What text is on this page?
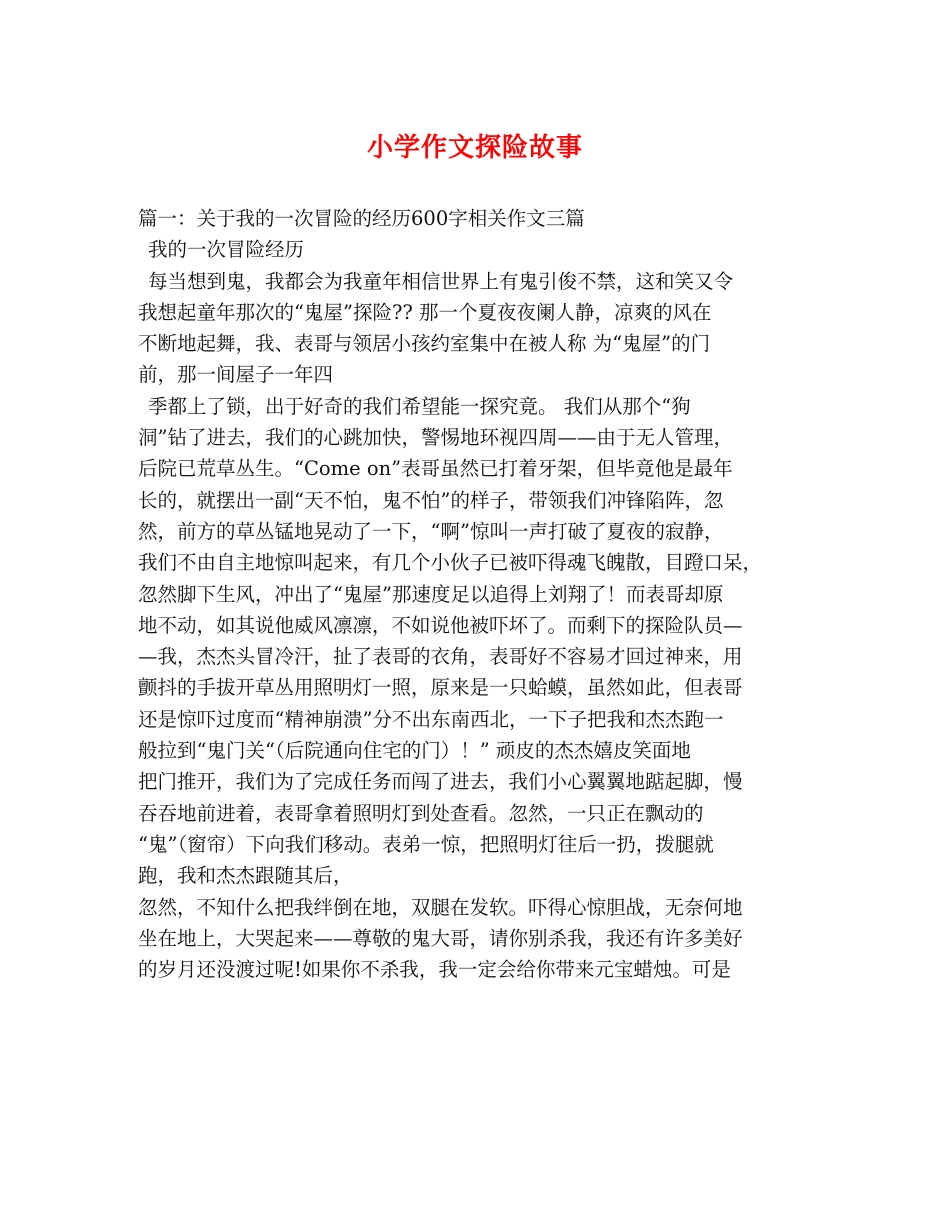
小学作文探险故事
篇一：关于我的一次冒险的经历600字相关作文三篇
我的一次冒险经历
每当想到鬼，我都会为我童年相信世界上有鬼引俊不禁，这和笑又令
我想起童年那次的“鬼屋”探险?? 那一个夏夜夜阑人静，凉爽的风在
不断地起舞，我、表哥与领居小孩约室集中在被人称 为“鬼屋”的门
前，那一间屋子一年四
季都上了锁，出于好奇的我们希望能一探究竟。 我们从那个“狗
洞”钻了进去，我们的心跳加快，警惕地环视四周——由于无人管理，
后院已荒草丛生。“Come on”表哥虽然已打着牙架，但毕竟他是最年
长的，就摆出一副“天不怕，鬼不怕”的样子，带领我们冲锋陷阵，忽
然，前方的草丛锰地晃动了一下，“啊”惊叫一声打破了夏夜的寂静，
我们不由自主地惊叫起来，有几个小伙子已被吓得魂飞魄散，目蹬口呆，
忽然脚下生风，冲出了“鬼屋”那速度足以追得上刘翔了！而表哥却原
地不动，如其说他威风凛凛，不如说他被吓坏了。而剩下的探险队员—
—我，杰杰头冒冷汗，扯了表哥的衣角，表哥好不容易才回过神来，用
颤抖的手拔开草丛用照明灯一照，原来是一只蛤蟆，虽然如此，但表哥
还是惊吓过度而“精神崩溃”分不出东南西北，一下子把我和杰杰跑一
般拉到“鬼门关“（后院通向住宅的门）！” 顽皮的杰杰嬉皮笑面地
把门推开，我们为了完成任务而闯了进去，我们小心翼翼地踮起脚，慢
吞吞地前进着，表哥拿着照明灯到处查看。忽然，一只正在飘动的
“鬼”（窗帘）下向我们移动。表弟一惊，把照明灯往后一扔，拨腿就
跑，我和杰杰跟随其后，
忽然，不知什么把我绊倒在地，双腿在发软。吓得心惊胆战，无奈何地
坐在地上，大哭起来——尊敬的鬼大哥，请你别杀我，我还有许多美好
的岁月还没渡过呢!如果你不杀我，我一定会给你带来元宝蜡烛。可是
